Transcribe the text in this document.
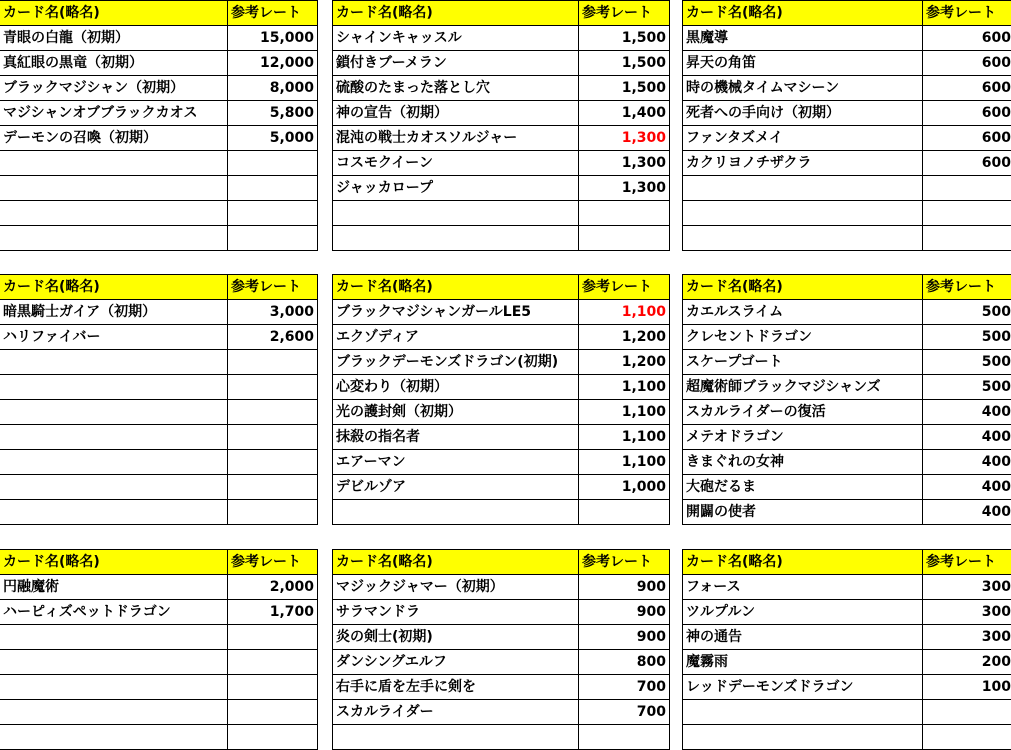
カード名(略名)	参考レート
青眼の白龍（初期）	15,000
真紅眼の黒竜（初期）	12,000
ブラックマジシャン（初期）	8,000
マジシャンオブブラックカオス	5,800
デーモンの召喚（初期）	5,000

カード名(略名)	参考レート
シャインキャッスル	1,500
鎖付きブーメラン	1,500
硫酸のたまった落とし穴	1,500
神の宣告（初期）	1,400
混沌の戦士カオスソルジャー	1,300
コスモクイーン	1,300
ジャッカロープ	1,300

カード名(略名)	参考レート
黒魔導	600
昇天の角笛	600
時の機械タイムマシーン	600
死者への手向け（初期）	600
ファンタズメイ	600
カクリヨノチザクラ	600

カード名(略名)	参考レート
暗黒騎士ガイア（初期）	3,000
ハリファイバー	2,600

カード名(略名)	参考レート
ブラックマジシャンガールLE5	1,100
エクゾディア	1,200
ブラックデーモンズドラゴン(初期)	1,200
心変わり（初期）	1,100
光の護封剣（初期）	1,100
抹殺の指名者	1,100
エアーマン	1,100
デビルゾア	1,000

カード名(略名)	参考レート
カエルスライム	500
クレセントドラゴン	500
スケープゴート	500
超魔術師ブラックマジシャンズ	500
スカルライダーの復活	400
メテオドラゴン	400
きまぐれの女神	400
大砲だるま	400
開闢の使者	400
カード名(略名)	参考レート
円融魔術	2,000
ハーピィズペットドラゴン	1,700

カード名(略名)	参考レート
マジックジャマー（初期）	900
サラマンドラ	900
炎の剣士(初期)	900
ダンシングエルフ	800
右手に盾を左手に剣を	700
スカルライダー	700

カード名(略名)	参考レート
フォース	300
ツルプルン	300
神の通告	300
魔霧雨	200
レッドデーモンズドラゴン	100
